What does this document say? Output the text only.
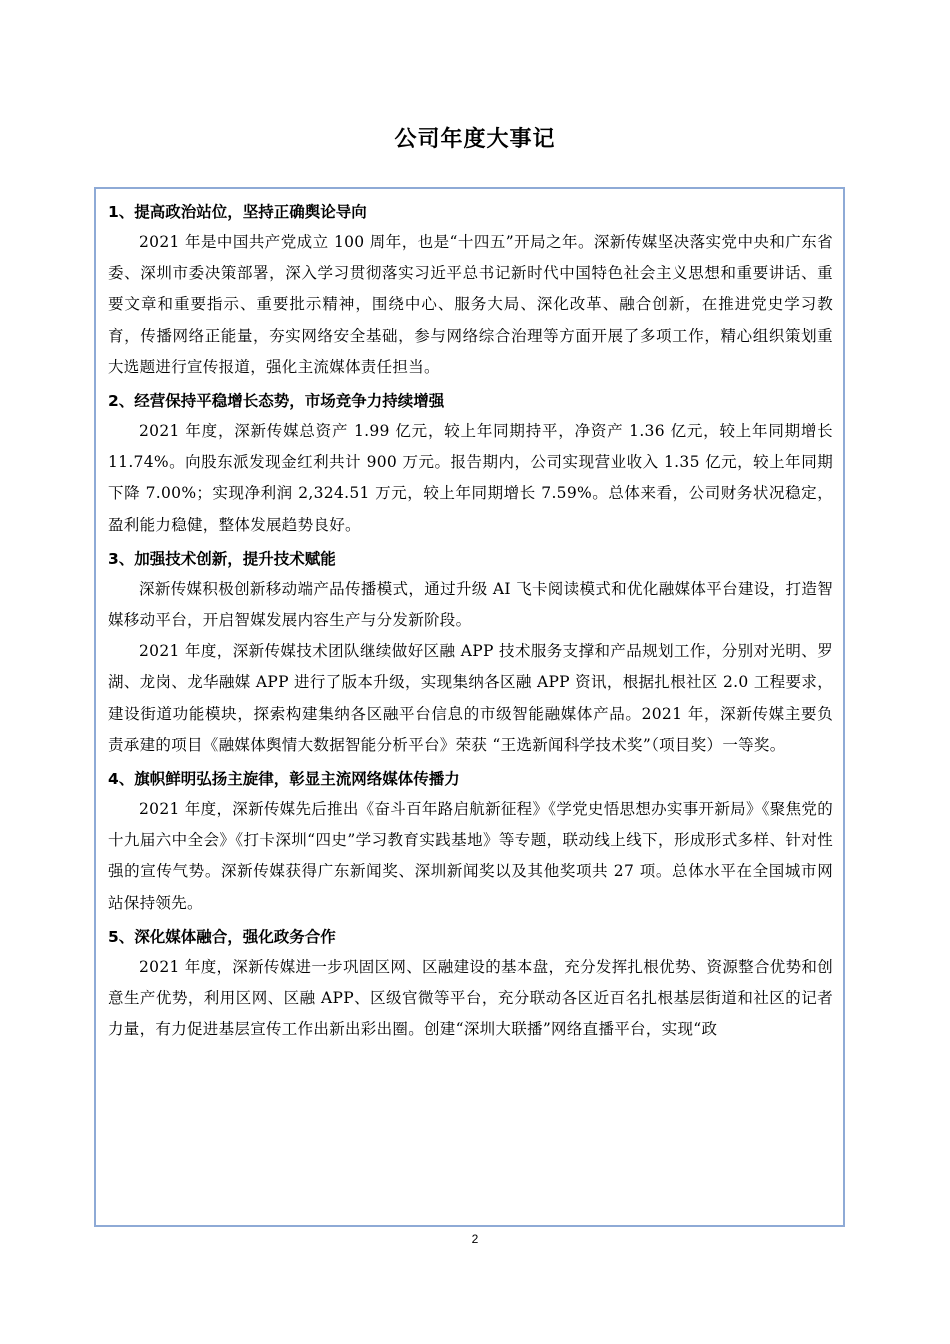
公司年度大事记
1、提高政治站位，坚持正确舆论导向

2021 年是中国共产党成立 100 周年，也是“十四五”开局之年。深新传媒坚决落实党中央和广东省委、深圳市委决策部署，深入学习贯彻落实习近平总书记新时代中国特色社会主义思想和重要讲话、重要文章和重要指示、重要批示精神，围绕中心、服务大局、深化改革、融合创新，在推进党史学习教育，传播网络正能量，夯实网络安全基础，参与网络综合治理等方面开展了多项工作，精心组织策划重大选题进行宣传报道，强化主流媒体责任担当。

2、经营保持平稳增长态势，市场竞争力持续增强

2021 年度，深新传媒总资产 1.99 亿元，较上年同期持平，净资产 1.36 亿元，较上年同期增长 11.74%。向股东派发现金红利共计 900 万元。报告期内，公司实现营业收入 1.35 亿元，较上年同期下降 7.00%；实现净利润 2,324.51 万元，较上年同期增长 7.59%。总体来看，公司财务状况稳定，盈利能力稳健，整体发展趋势良好。

3、加强技术创新，提升技术赋能

深新传媒积极创新移动端产品传播模式，通过升级 AI 飞卡阅读模式和优化融媒体平台建设，打造智媒移动平台，开启智媒发展内容生产与分发新阶段。

2021 年度，深新传媒技术团队继续做好区融 APP 技术服务支撑和产品规划工作，分别对光明、罗湖、龙岗、龙华融媒 APP 进行了版本升级，实现集纳各区融 APP 资讯，根据扎根社区 2.0 工程要求，建设街道功能模块，探索构建集纳各区融平台信息的市级智能融媒体产品。2021 年，深新传媒主要负责承建的项目《融媒体舆情大数据智能分析平台》荣获 “王选新闻科学技术奖”（项目奖）一等奖。

4、旗帜鲜明弘扬主旋律，彰显主流网络媒体传播力

2021 年度，深新传媒先后推出《奋斗百年路启航新征程》《学党史悟思想办实事开新局》《聚焦党的十九届六中全会》《打卡深圳“四史”学习教育实践基地》等专题，联动线上线下，形成形式多样、针对性强的宣传气势。深新传媒获得广东新闻奖、深圳新闻奖以及其他奖项共 27 项。总体水平在全国城市网站保持领先。

5、深化媒体融合，强化政务合作

2021 年度，深新传媒进一步巩固区网、区融建设的基本盘，充分发挥扎根优势、资源整合优势和创意生产优势，利用区网、区融 APP、区级官微等平台，充分联动各区近百名扎根基层街道和社区的记者力量，有力促进基层宣传工作出新出彩出圈。创建“深圳大联播”网络直播平台，实现“政

2
